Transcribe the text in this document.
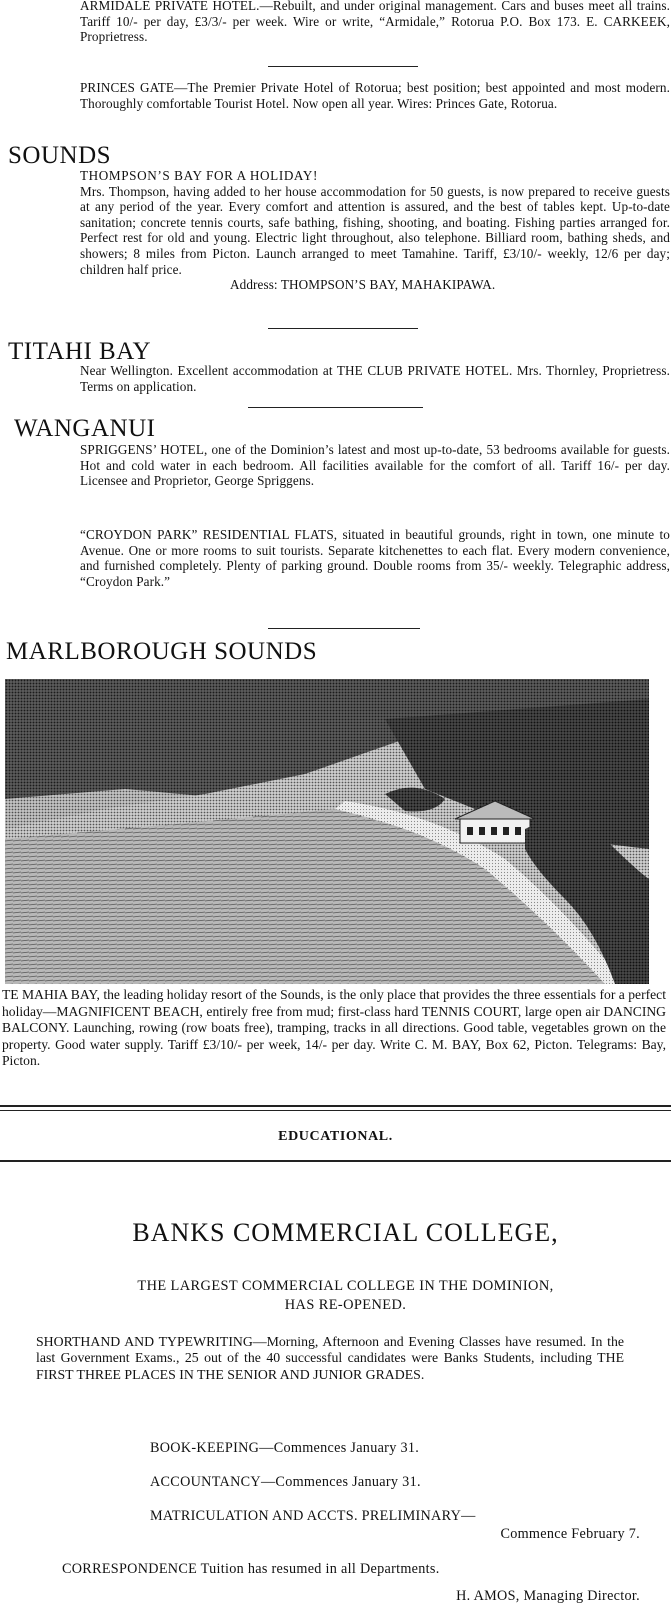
ARMIDALE PRIVATE HOTEL.—Rebuilt, and under original management. Cars and buses meet all trains. Tariff 10/- per day, £3/3/- per week. Wire or write, “Armidale,” Rotorua P.O. Box 173. E. CARKEEK, Proprietress.

PRINCES GATE—The Premier Private Hotel of Rotorua; best position; best appointed and most modern. Thoroughly comfortable Tourist Hotel. Now open all year. Wires: Princes Gate, Rotorua.

SOUNDS

THOMPSON’S BAY FOR A HOLIDAY!

Mrs. Thompson, having added to her house accommodation for 50 guests, is now prepared to receive guests at any period of the year. Every comfort and attention is assured, and the best of tables kept. Up-to-date sanitation; concrete tennis courts, safe bathing, fishing, shooting, and boating. Fishing parties arranged for. Perfect rest for old and young. Electric light throughout, also telephone. Billiard room, bathing sheds, and showers; 8 miles from Picton. Launch arranged to meet Tamahine. Tariff, £3/10/- weekly, 12/6 per day; children half price.

Address: THOMPSON’S BAY, MAHAKIPAWA.

TITAHI BAY

Near Wellington. Excellent accommodation at THE CLUB PRIVATE HOTEL. Mrs. Thornley, Proprietress. Terms on application.

WANGANUI

SPRIGGENS’ HOTEL, one of the Dominion’s latest and most up-to-date, 53 bedrooms available for guests. Hot and cold water in each bedroom. All facilities available for the comfort of all. Tariff 16/- per day. Licensee and Proprietor, George Spriggens.

“CROYDON PARK” RESIDENTIAL FLATS, situated in beautiful grounds, right in town, one minute to Avenue. One or more rooms to suit tourists. Separate kitchenettes to each flat. Every modern convenience, and furnished completely. Plenty of parking ground. Double rooms from 35/- weekly. Telegraphic address, “Croydon Park.”

MARLBOROUGH SOUNDS
TE MAHIA BAY, the leading holiday resort of the Sounds, is the only place that provides the three essentials for a perfect holiday—MAGNIFICENT BEACH, entirely free from mud; first-class hard TENNIS COURT, large open air DANCING BALCONY. Launching, rowing (row boats free), tramping, tracks in all directions. Good table, vegetables grown on the property. Good water supply. Tariff £3/10/- per week, 14/- per day. Write C. M. BAY, Box 62, Picton. Telegrams: Bay, Picton.
EDUCATIONAL.
BANKS COMMERCIAL COLLEGE,
THE LARGEST COMMERCIAL COLLEGE IN THE DOMINION,
HAS RE-OPENED.
SHORTHAND AND TYPEWRITING—Morning, Afternoon and Evening Classes have resumed. In the last Government Exams., 25 out of the 40 successful candidates were Banks Students, including THE FIRST THREE PLACES IN THE SENIOR AND JUNIOR GRADES.
BOOK-KEEPING—Commences January 31.
ACCOUNTANCY—Commences January 31.
MATRICULATION AND ACCTS. PRELIMINARY—
Commence February 7.
CORRESPONDENCE Tuition has resumed in all Departments.
H. AMOS, Managing Director.
